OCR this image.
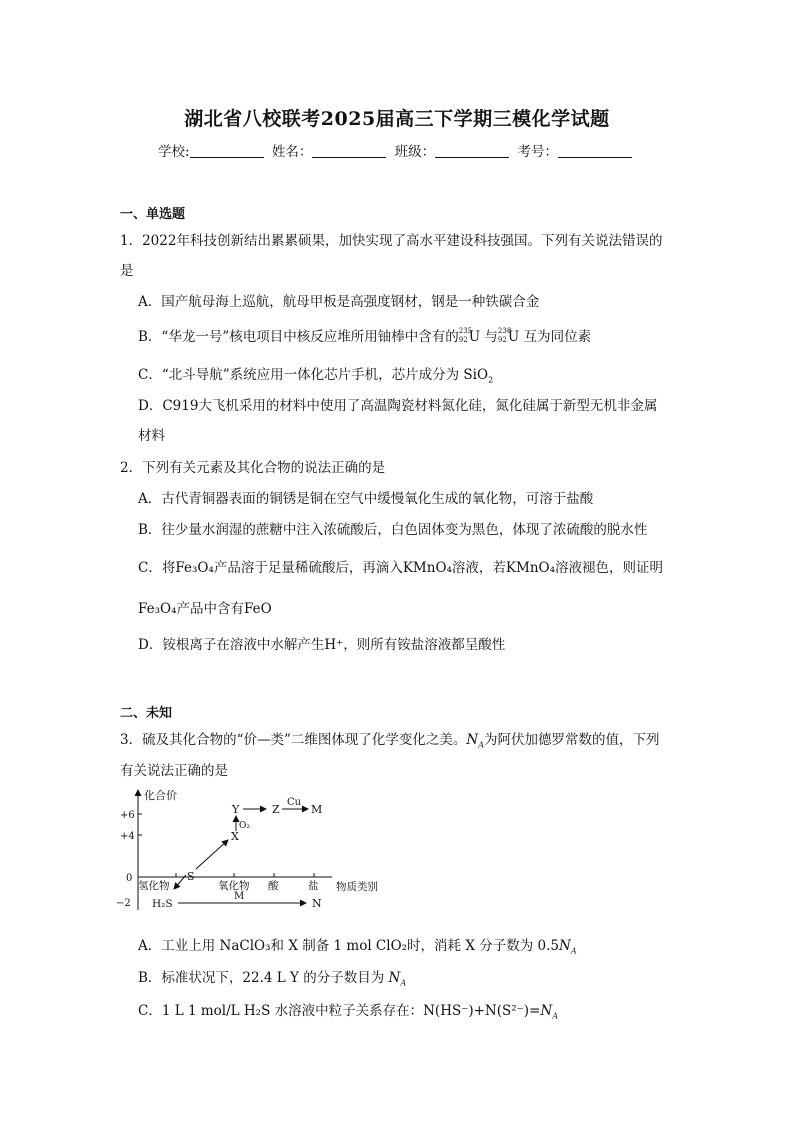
湖北省八校联考2025届高三下学期三模化学试题
学校:	姓名：	班级：	考号：
一、单选题
1．2022年科技创新结出累累硕果，加快实现了高水平建设科技强国。下列有关说法错误的
是
A．国产航母海上巡航，航母甲板是高强度钢材，钢是一种铁碳合金
B．“华龙一号”核电项目中核反应堆所用铀棒中含有的 235
92 U 与 238
92 U 互为同位素
C．“北斗导航”系统应用一体化芯片手机，芯片成分为 SiO$_2$
D．C919大飞机采用的材料中使用了高温陶瓷材料氮化硅，氮化硅属于新型无机非金属
材料
2．下列有关元素及其化合物的说法正确的是
A．古代青铜器表面的铜锈是铜在空气中缓慢氧化生成的氧化物，可溶于盐酸
B．往少量水润湿的蔗糖中注入浓硫酸后，白色固体变为黑色，体现了浓硫酸的脱水性
C．将Fe₃O₄产品溶于足量稀硫酸后，再滴入KMnO₄溶液，若KMnO₄溶液褪色，则证明
Fe₃O₄产品中含有FeO
D．铵根离子在溶液中水解产生H⁺，则所有铵盐溶液都呈酸性
二、未知
3．硫及其化合物的“价—类”二维图体现了化学变化之美。$N_A$为阿伏加德罗常数的值，下列
有关说法正确的是
化合价
+6
+4
0
−2
氢化物	氧化物 酸	盐 物质类别
Y	Z
Cu
M
O₂
X
S
H₂S
M
N
A．工业上用 NaClO₃和 X 制备 1 mol ClO₂时，消耗 X 分子数为 $0.5N_A$
B．标准状况下，22.4 L Y 的分子数目为 $N_A$
C．1 L 1 mol/L H₂S 水溶液中粒子关系存在：$N(HS^-)+N(S^{2-})=N_A$
